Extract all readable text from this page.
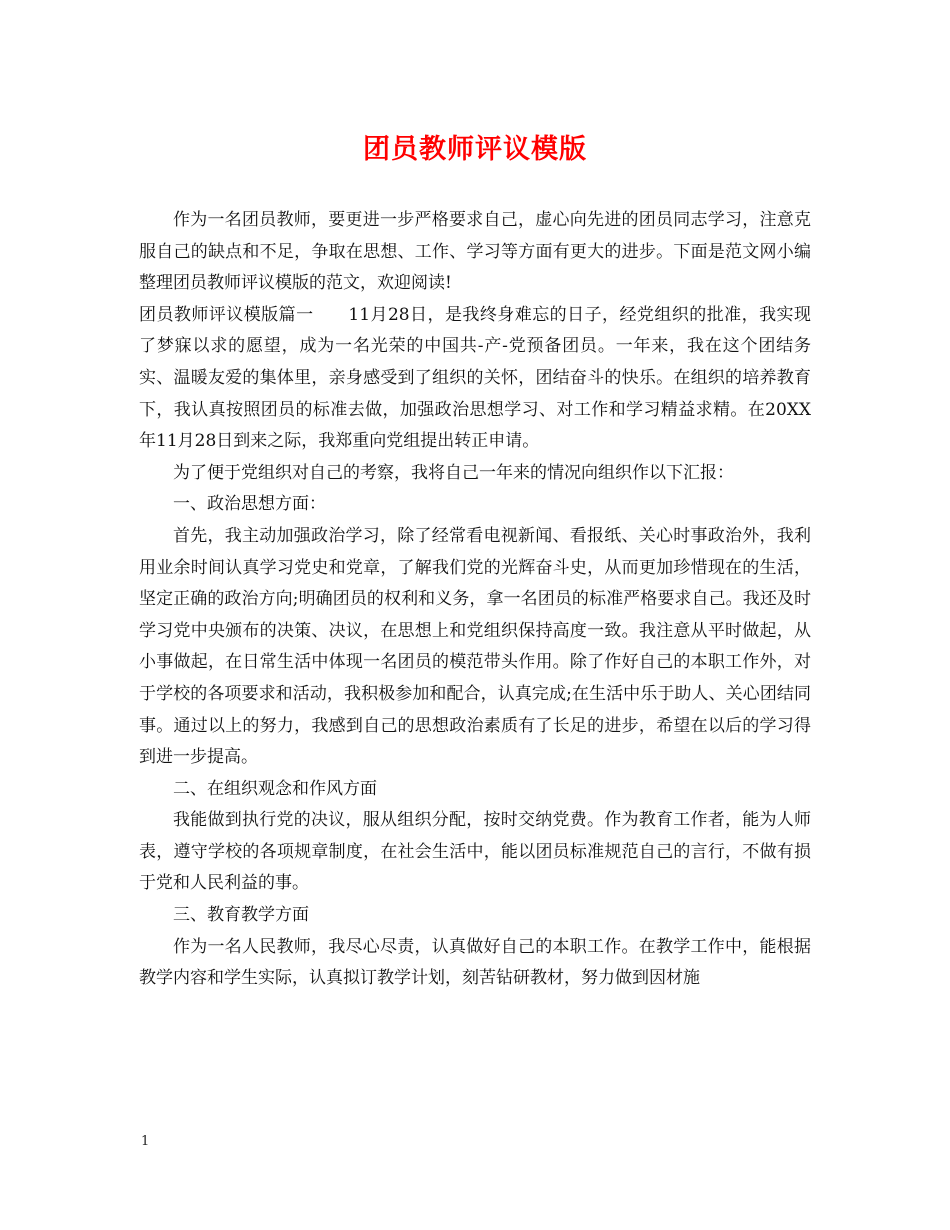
团员教师评议模版

作为一名团员教师，要更进一步严格要求自己，虚心向先进的团员同志学习，注意克服自己的缺点和不足，争取在思想、工作、学习等方面有更大的进步。下面是范文网小编整理团员教师评议模版的范文，欢迎阅读!

团员教师评议模版篇一　　11月28日，是我终身难忘的日子，经党组织的批准，我实现了梦寐以求的愿望，成为一名光荣的中国共-产-党预备团员。一年来，我在这个团结务实、温暖友爱的集体里，亲身感受到了组织的关怀，团结奋斗的快乐。在组织的培养教育下，我认真按照团员的标准去做，加强政治思想学习、对工作和学习精益求精。在20XX年11月28日到来之际，我郑重向党组提出转正申请。

为了便于党组织对自己的考察，我将自己一年来的情况向组织作以下汇报：

一、政治思想方面：

首先，我主动加强政治学习，除了经常看电视新闻、看报纸、关心时事政治外，我利用业余时间认真学习党史和党章，了解我们党的光辉奋斗史，从而更加珍惜现在的生活，坚定正确的政治方向;明确团员的权利和义务，拿一名团员的标准严格要求自己。我还及时学习党中央颁布的决策、决议，在思想上和党组织保持高度一致。我注意从平时做起，从小事做起，在日常生活中体现一名团员的模范带头作用。除了作好自己的本职工作外，对于学校的各项要求和活动，我积极参加和配合，认真完成;在生活中乐于助人、关心团结同事。通过以上的努力，我感到自己的思想政治素质有了长足的进步，希望在以后的学习得到进一步提高。

二、在组织观念和作风方面

我能做到执行党的决议，服从组织分配，按时交纳党费。作为教育工作者，能为人师表，遵守学校的各项规章制度，在社会生活中，能以团员标准规范自己的言行，不做有损于党和人民利益的事。

三、教育教学方面

作为一名人民教师，我尽心尽责，认真做好自己的本职工作。在教学工作中，能根据教学内容和学生实际，认真拟订教学计划，刻苦钻研教材，努力做到因材施

1
